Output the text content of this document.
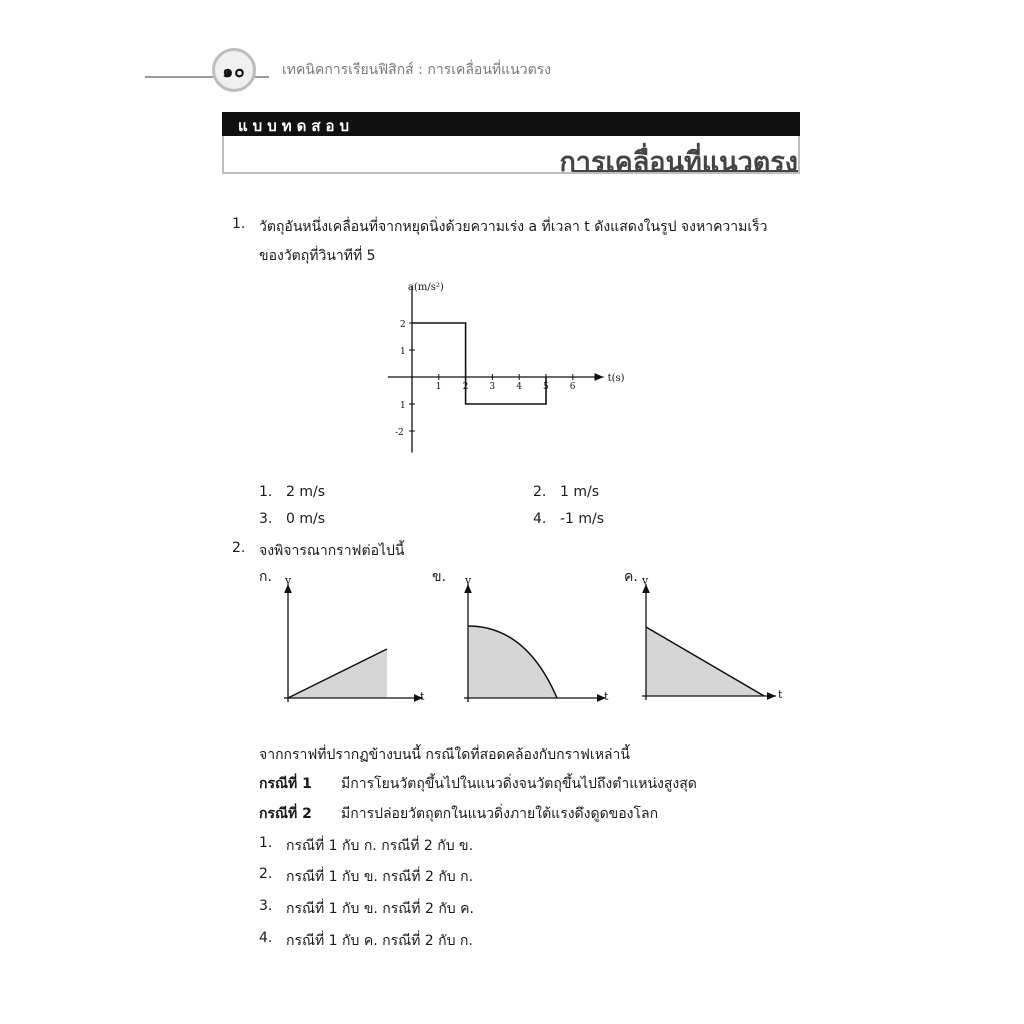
๑๐	เทคนิคการเรียนฟิสิกส์ : การเคลื่อนที่แนวตรง
แบบทดสอบ
การเคลื่อนที่แนวตรง
1. วัตถุอันหนึ่งเคลื่อนที่จากหยุดนิ่งด้วยความเร่ง a ที่เวลา t ดังแสดงในรูป จงหาความเร็ว
ของวัตถุที่วินาทีที่ 5
1 2 3 4 5 6
2
1
1
-2
a(m/s²)
t(s)
1. 2 m/s	2. 1 m/s
3. 0 m/s	4. -1 m/s
2. จงพิจารณากราฟต่อไปนี้
ก. v
t
ข. v
t
ค. v
t
จากกราฟที่ปรากฏข้างบนนี้ กรณีใดที่สอดคล้องกับกราฟเหล่านี้
กรณีที่ 1 มีการโยนวัตถุขึ้นไปในแนวดิ่งจนวัตถุขึ้นไปถึงตำแหน่งสูงสุด
กรณีที่ 2 มีการปล่อยวัตถุตกในแนวดิ่งภายใต้แรงดึงดูดของโลก
1. กรณีที่ 1 กับ ก. กรณีที่ 2 กับ ข.
2. กรณีที่ 1 กับ ข. กรณีที่ 2 กับ ก.
3. กรณีที่ 1 กับ ข. กรณีที่ 2 กับ ค.
4. กรณีที่ 1 กับ ค. กรณีที่ 2 กับ ก.
